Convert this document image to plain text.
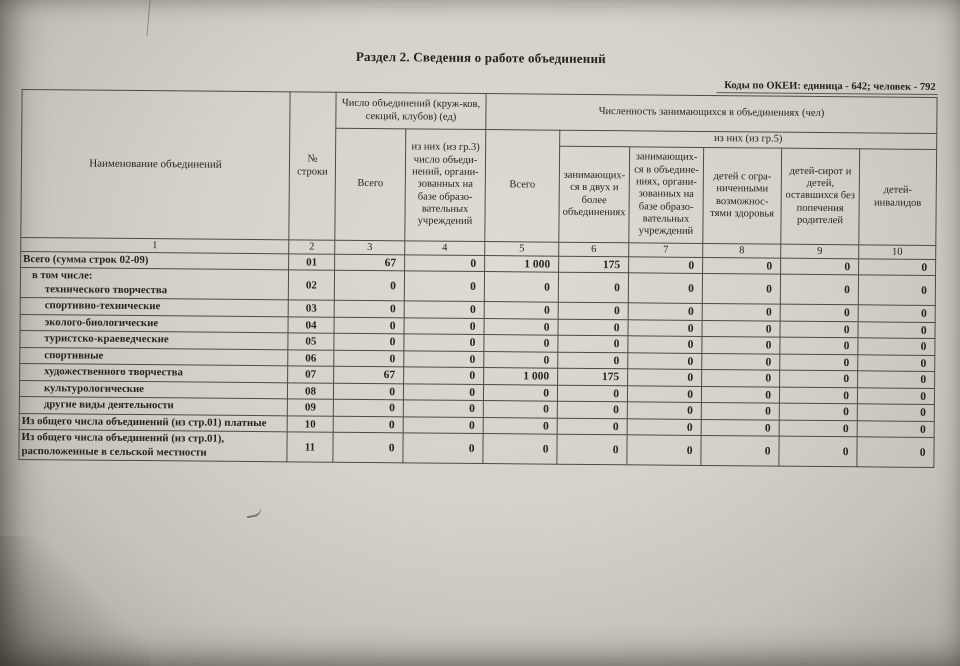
Раздел 2. Сведения о работе объединений
Коды по ОКЕИ: единица - 642; человек - 792
Наименование объединений	№
строки	Число объединений (круж-ков,
секций, клубов) (ед)		Численность занимающихся в объединениях (чел)					
Всего	из них (из гр.3)
число объеди-
нений, органи-
зованных на
базе образо-
вательных
учреждений	Всего	из них (из гр.5)
занимающих-
ся в двух и
более
объединениях	занимающих-
ся в объедине-
ниях, органи-
зованных на
базе образо-
вательных
учреждений	детей с огра-
ниченными
возможнос-
тями здоровья	детей-сирот и
детей,
оставшихся без
попечения
родителей	детей-
инвалидов
1	2	3	4	5	6	7	8	9	10

Всего (сумма строк 02-09)	01	67	0	1 000	175	0	0	0	0

в том числе:
технического творчества	02	0	0	0	0	0	0	0	0

спортивно-технические	03	0	0	0	0	0	0	0	0

эколого-биологические	04	0	0	0	0	0	0	0	0

туристско-краеведческие	05	0	0	0	0	0	0	0	0

спортивные	06	0	0	0	0	0	0	0	0

художественного творчества	07	67	0	1 000	175	0	0	0	0

культурологические	08	0	0	0	0	0	0	0	0

другие виды деятельности	09	0	0	0	0	0	0	0	0

Из общего числа объединений (из стр.01) платные	10	0	0	0	0	0	0	0	0

Из общего числа объединений (из стр.01),
расположенные в сельской местности	11	0	0	0	0	0	0	0	0
